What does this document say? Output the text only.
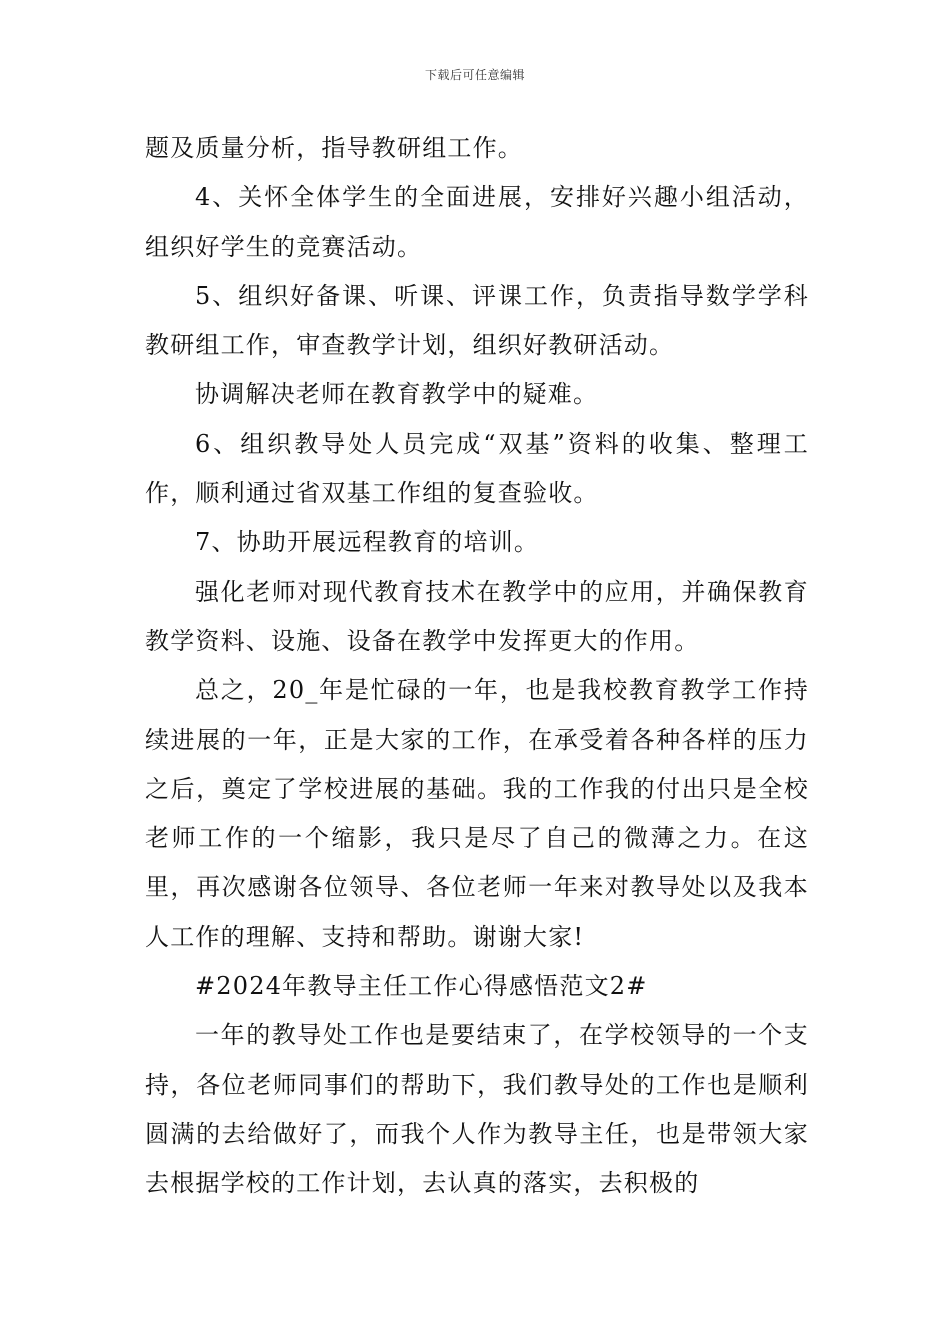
下载后可任意编辑

题及质量分析，指导教研组工作。

4、关怀全体学生的全面进展，安排好兴趣小组活动，组织好学生的竞赛活动。

5、组织好备课、听课、评课工作，负责指导数学学科教研组工作，审查教学计划，组织好教研活动。

协调解决老师在教育教学中的疑难。

6、组织教导处人员完成“双基”资料的收集、整理工作，顺利通过省双基工作组的复查验收。

7、协助开展远程教育的培训。

强化老师对现代教育技术在教学中的应用，并确保教育教学资料、设施、设备在教学中发挥更大的作用。

总之，20_年是忙碌的一年，也是我校教育教学工作持续进展的一年，正是大家的工作，在承受着各种各样的压力之后，奠定了学校进展的基础。我的工作我的付出只是全校老师工作的一个缩影，我只是尽了自己的微薄之力。在这里，再次感谢各位领导、各位老师一年来对教导处以及我本人工作的理解、支持和帮助。谢谢大家!

#2024年教导主任工作心得感悟范文2#

一年的教导处工作也是要结束了，在学校领导的一个支持，各位老师同事们的帮助下，我们教导处的工作也是顺利圆满的去给做好了，而我个人作为教导主任，也是带领大家去根据学校的工作计划，去认真的落实，去积极的
